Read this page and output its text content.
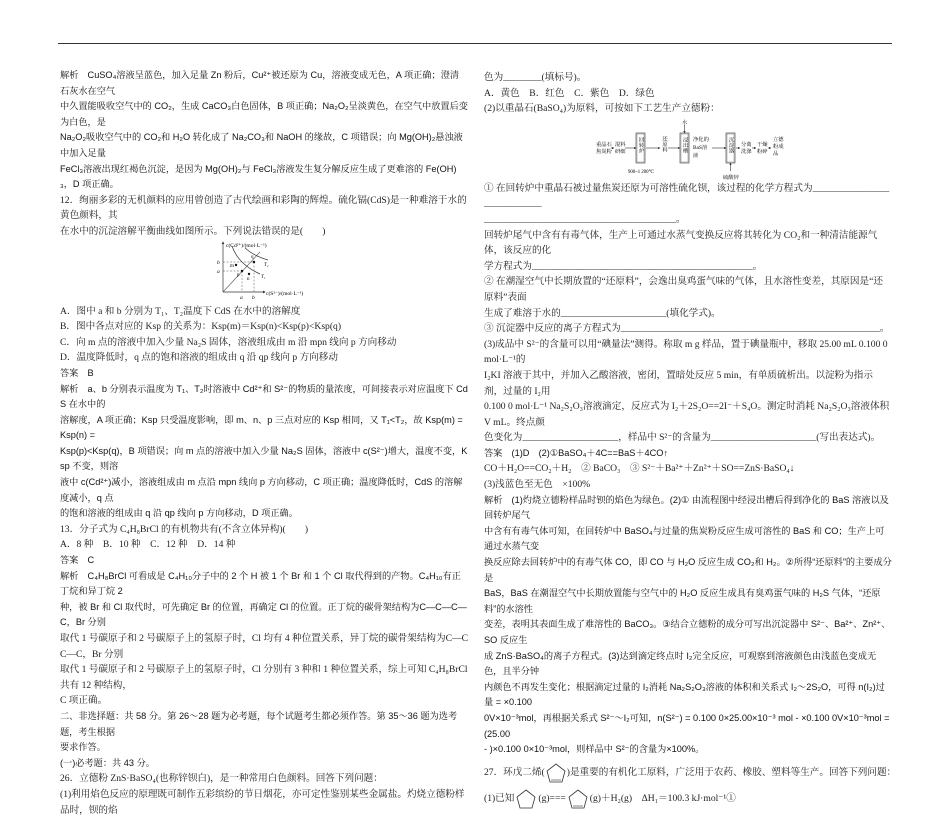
解析　CuSO₄溶液呈蓝色，加入足量 Zn 粉后，Cu²⁺被还原为 Cu，溶液变成无色，A 项正确；澄清石灰水在空气
中久置能吸收空气中的 CO₂，生成 CaCO₃白色固体，B 项正确；Na₂O₂呈淡黄色，在空气中放置后变为白色，是
Na₂O₂吸收空气中的 CO₂和 H₂O 转化成了 Na₂CO₃和 NaOH 的缘故，C 项错误；向 Mg(OH)₂悬浊液中加入足量
FeCl₃溶液出现红褐色沉淀，是因为 Mg(OH)₂与 FeCl₃溶液发生复分解反应生成了更难溶的 Fe(OH)₃，D 项正确。
12．绚丽多彩的无机颜料的应用曾创造了古代绘画和彩陶的辉煌。硫化镉(CdS)是一种难溶于水的黄色颜料，其
在水中的沉淀溶解平衡曲线如图所示。下列说法错误的是(　　)
c(Cd²⁺)/(mol·L⁻¹)
c(S²⁻)/(mol·L⁻¹)
b
a
a b
m
n
p
q
T₁
T₂
A．图中 a 和 b 分别为 T₁、T₂温度下 CdS 在水中的溶解度
B．图中各点对应的 Ksp 的关系为：Ksp(m)＝Ksp(n)<Ksp(p)<Ksp(q)
C．向 m 点的溶液中加入少量 Na₂S 固体，溶液组成由 m 沿 mpn 线向 p 方向移动
D．温度降低时，q 点的饱和溶液的组成由 q 沿 qp 线向 p 方向移动
答案　B
解析　a、b 分别表示温度为 T₁、T₂时溶液中 Cd²⁺和 S²⁻的物质的量浓度，可间接表示对应温度下 CdS 在水中的
溶解度，A 项正确；Ksp 只受温度影响，即 m、n、p 三点对应的 Ksp 相同，又 T₁<T₂，故 Ksp(m) = Ksp(n) =
Ksp(p)<Ksp(q)，B 项错误；向 m 点的溶液中加入少量 Na₂S 固体，溶液中 c(S²⁻)增大，温度不变，Ksp 不变，则溶
液中 c(Cd²⁺)减小，溶液组成由 m 点沿 mpn 线向 p 方向移动，C 项正确；温度降低时，CdS 的溶解度减小，q 点
的饱和溶液的组成由 q 沿 qp 线向 p 方向移动，D 项正确。
13．分子式为 C₄H₈BrCl 的有机物共有(不含立体异构)(　　)
A．8 种　B．10 种　C．12 种　D．14 种
答案　C
解析　C₄H₈BrCl 可看成是 C₄H₁₀分子中的 2 个 H 被 1 个 Br 和 1 个 Cl 取代得到的产物。C₄H₁₀有正丁烷和异丁烷 2
种，被 Br 和 Cl 取代时，可先确定 Br 的位置，再确定 Cl 的位置。正丁烷的碳骨架结构为C—C—C—C，Br 分别
取代 1 号碳原子和 2 号碳原子上的氢原子时，Cl 均有 4 种位置关系，异丁烷的碳骨架结构为C—CC—C，Br 分别
取代 1 号碳原子和 2 号碳原子上的氢原子时，Cl 分别有 3 种和 1 种位置关系，综上可知 C₄H₈BrCl 共有 12 种结构，
C 项正确。
二、非选择题：共 58 分。第 26～28 题为必考题，每个试题考生都必须作答。第 35～36 题为选考题，考生根据
要求作答。
(一)必考题：共 43 分。
26．立德粉 ZnS·BaSO₄(也称锌钡白)，是一种常用白色颜料。回答下列问题：
(1)利用焰色反应的原理既可制作五彩缤纷的节日烟花，亦可定性鉴别某些金属盐。灼烧立德粉样品时，钡的焰
色为________(填标号)。
A．黄色　B．红色　C．紫色　D．绿色
(2)以重晶石(BaSO₄)为原料，可按如下工艺生产立德粉：
重晶石
焦炭粉
混料
研细 回转炉
900~1 200℃
还原料
水
浸出槽 净化的
BaS溶
液
沉淀器
硫酸锌
分离
洗涤
干燥
粉碎
立德
粉成
品
① 在回转炉中重晶石被过量焦炭还原为可溶性硫化钡，该过程的化学方程式为____________________________
________________________________________。
回转炉尾气中含有有毒气体，生产上可通过水蒸气变换反应将其转化为 CO₂和一种清洁能源气体，该反应的化
学方程式为______________________________________________。
② 在潮湿空气中长期放置的“还原料”，会逸出臭鸡蛋气味的气体，且水溶性变差，其原因是“还原料”表面
生成了难溶于水的______________________(填化学式)。
③ 沉淀器中反应的离子方程式为______________________________________________________。
(3)成品中 S²⁻的含量可以用“碘量法”测得。称取 m g 样品，置于碘量瓶中，移取 25.00 mL 0.100 0 mol·L⁻¹的
I₂KI 溶液于其中，并加入乙酸溶液，密闭，置暗处反应 5 min，有单质硫析出。以淀粉为指示剂，过量的 I₂用
0.100 0 mol·L⁻¹ Na₂S₂O₃溶液滴定，反应式为 I₂＋2S₂O==2I⁻＋S₄O。测定时消耗 Na₂S₂O₃溶液体积 V mL。终点颜
色变化为____________________，样品中 S²⁻的含量为______________________(写出表达式)。
答案　(1)D　(2)①BaSO₄＋4C==BaS＋4CO↑
CO＋H₂O==CO₂＋H₂　② BaCO₃　③ S²⁻＋Ba²⁺＋Zn²⁺＋SO==ZnS·BaSO₄↓
(3)浅蓝色至无色　×100%
解析　(1)灼烧立德粉样品时钡的焰色为绿色。(2)① 由流程图中经浸出槽后得到净化的 BaS 溶液以及回转炉尾气
中含有有毒气体可知，在回转炉中 BaSO₄与过量的焦炭粉反应生成可溶性的 BaS 和 CO；生产上可通过水蒸气变
换反应除去回转炉中的有毒气体 CO，即 CO 与 H₂O 反应生成 CO₂和 H₂。②所得“还原料”的主要成分是
BaS，BaS 在潮湿空气中长期放置能与空气中的 H₂O 反应生成具有臭鸡蛋气味的 H₂S 气体，“还原料”的水溶性
变差，表明其表面生成了难溶性的 BaCO₃。③结合立德粉的成分可写出沉淀器中 S²⁻、Ba²⁺、Zn²⁺、SO 反应生
成 ZnS·BaSO₄的离子方程式。(3)达到滴定终点时 I₂完全反应，可观察到溶液颜色由浅蓝色变成无色，且半分钟
内颜色不再发生变化；根据滴定过量的 I₂消耗 Na₂S₂O₃溶液的体积和关系式 I₂～2S₂O，可得 n(I₂)过量 = ×0.100
0V×10⁻³mol，再根据关系式 S²⁻～I₂可知，n(S²⁻) = 0.100 0×25.00×10⁻³ mol - ×0.100 0V×10⁻³mol = (25.00
- )×0.100 0×10⁻³mol，则样品中 S²⁻的含量为×100%。
27．环戊二烯( )是重要的有机化工原料，广泛用于农药、橡胶、塑料等生产。回答下列问题：
(1)已知	(g)===	(g)＋H₂(g)　ΔH₁＝100.3 kJ·mol⁻¹①
